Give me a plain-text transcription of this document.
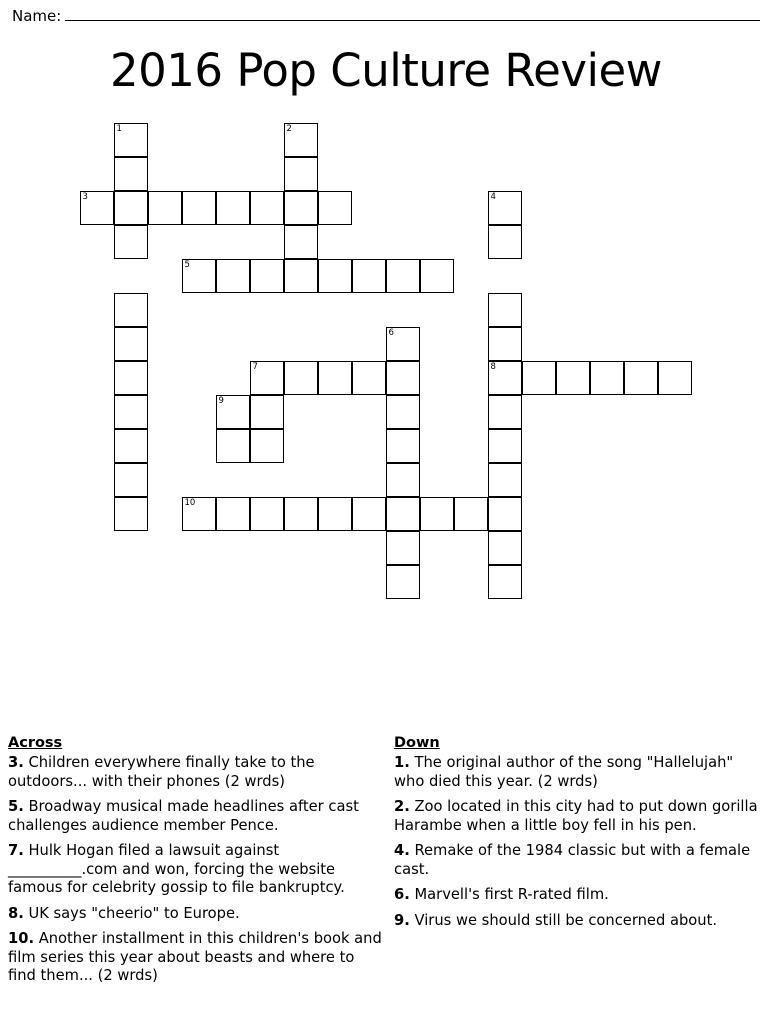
Name:
2016 Pop Culture Review
1	2
3	4
5
6
7	8
9
10
Across
3. Children everywhere finally take to the outdoors... with their phones (2 wrds)
5. Broadway musical made headlines after cast challenges audience member Pence.
7. Hulk Hogan filed a lawsuit against __________.com and won, forcing the website famous for celebrity gossip to file bankruptcy.
8. UK says "cheerio" to Europe.
10. Another installment in this children's book and film series this year about beasts and where to find them... (2 wrds)
Down
1. The original author of the song "Hallelujah" who died this year. (2 wrds)
2. Zoo located in this city had to put down gorilla Harambe when a little boy fell in his pen.
4. Remake of the 1984 classic but with a female cast.
6. Marvell's first R-rated film.
9. Virus we should still be concerned about.
